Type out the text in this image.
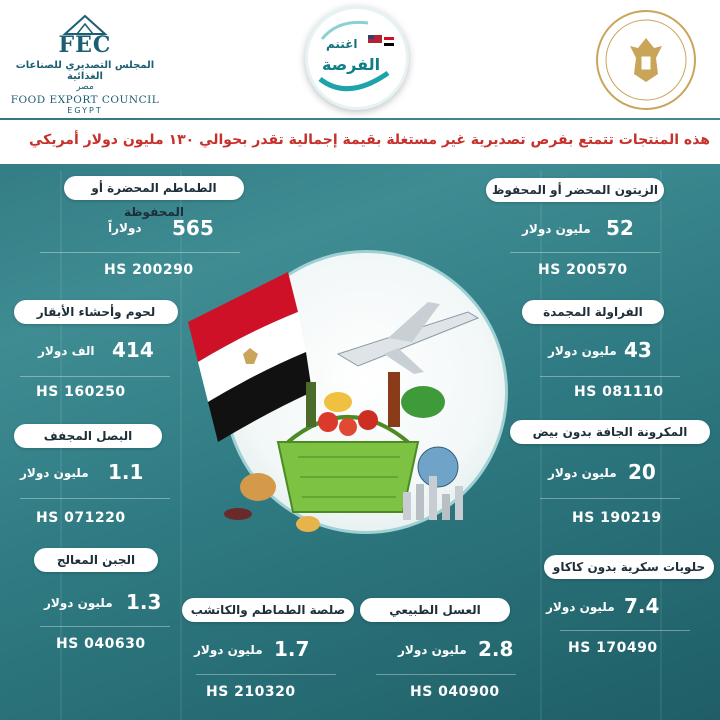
FEC
المجلس التصديري للصناعات الغذائية
مصر
FOOD EXPORT COUNCIL
EGYPT
اغتنم
الفرصة
هذه المنتجات تتمتع بفرص تصديرية غير مستغلة بقيمة إجمالية تقدر بحوالي ١٣٠ مليون دولار أمريكي
الطماطم المحضرة أو المحفوظة
565
دولاراً
HS 200290
لحوم وأحشاء الأبقار
414
الف دولار
HS 160250
البصل المجفف
1.1
مليون دولار
HS 071220
الجبن المعالج
1.3
مليون دولار
HS 040630
صلصة الطماطم والكاتشب
1.7
مليون دولار
HS 210320
العسل الطبيعي
2.8
مليون دولار
HS 040900
الزيتون المحضر أو المحفوظ
52
مليون دولار
HS 200570
الفراولة المجمدة
43
مليون دولار
HS 081110
المكرونة الجافة بدون بيض
20
مليون دولار
HS 190219
حلويات سكرية بدون كاكاو
7.4
مليون دولار
HS 170490
